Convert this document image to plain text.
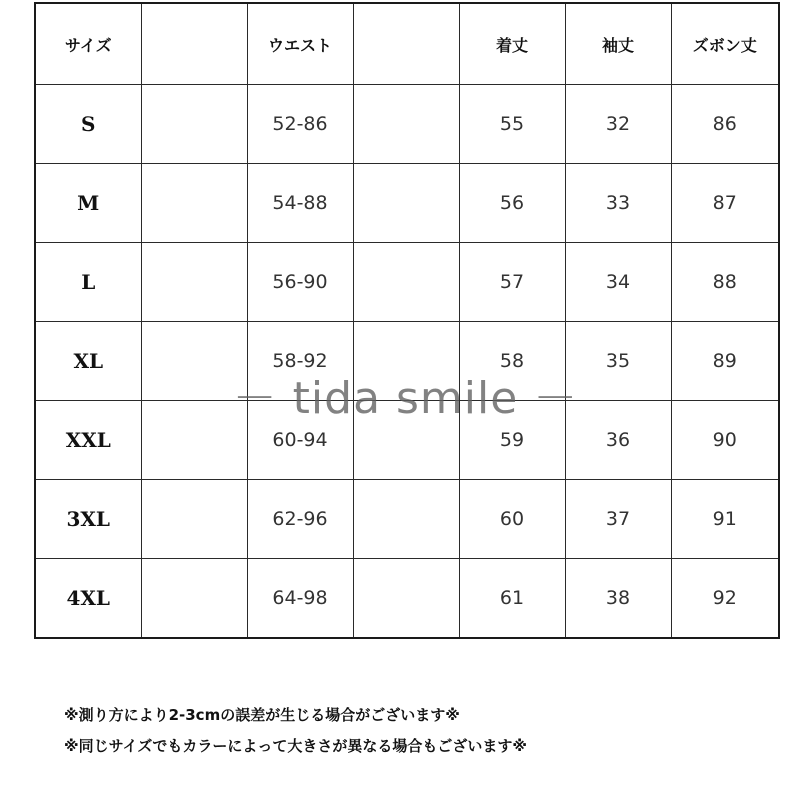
サイズ		ウエスト		着丈	袖丈	ズボン丈
S		52-86		55	32	86
M		54-88		56	33	87
L		56-90		57	34	88
XL		58-92		58	35	89
XXL		60-94		59	36	90
3XL		62-96		60	37	91
4XL		64-98		61	38	92
－ tida smile －

※測り方により2-3cmの誤差が生じる場合がございます※

※同じサイズでもカラーによって大きさが異なる場合もございます※
